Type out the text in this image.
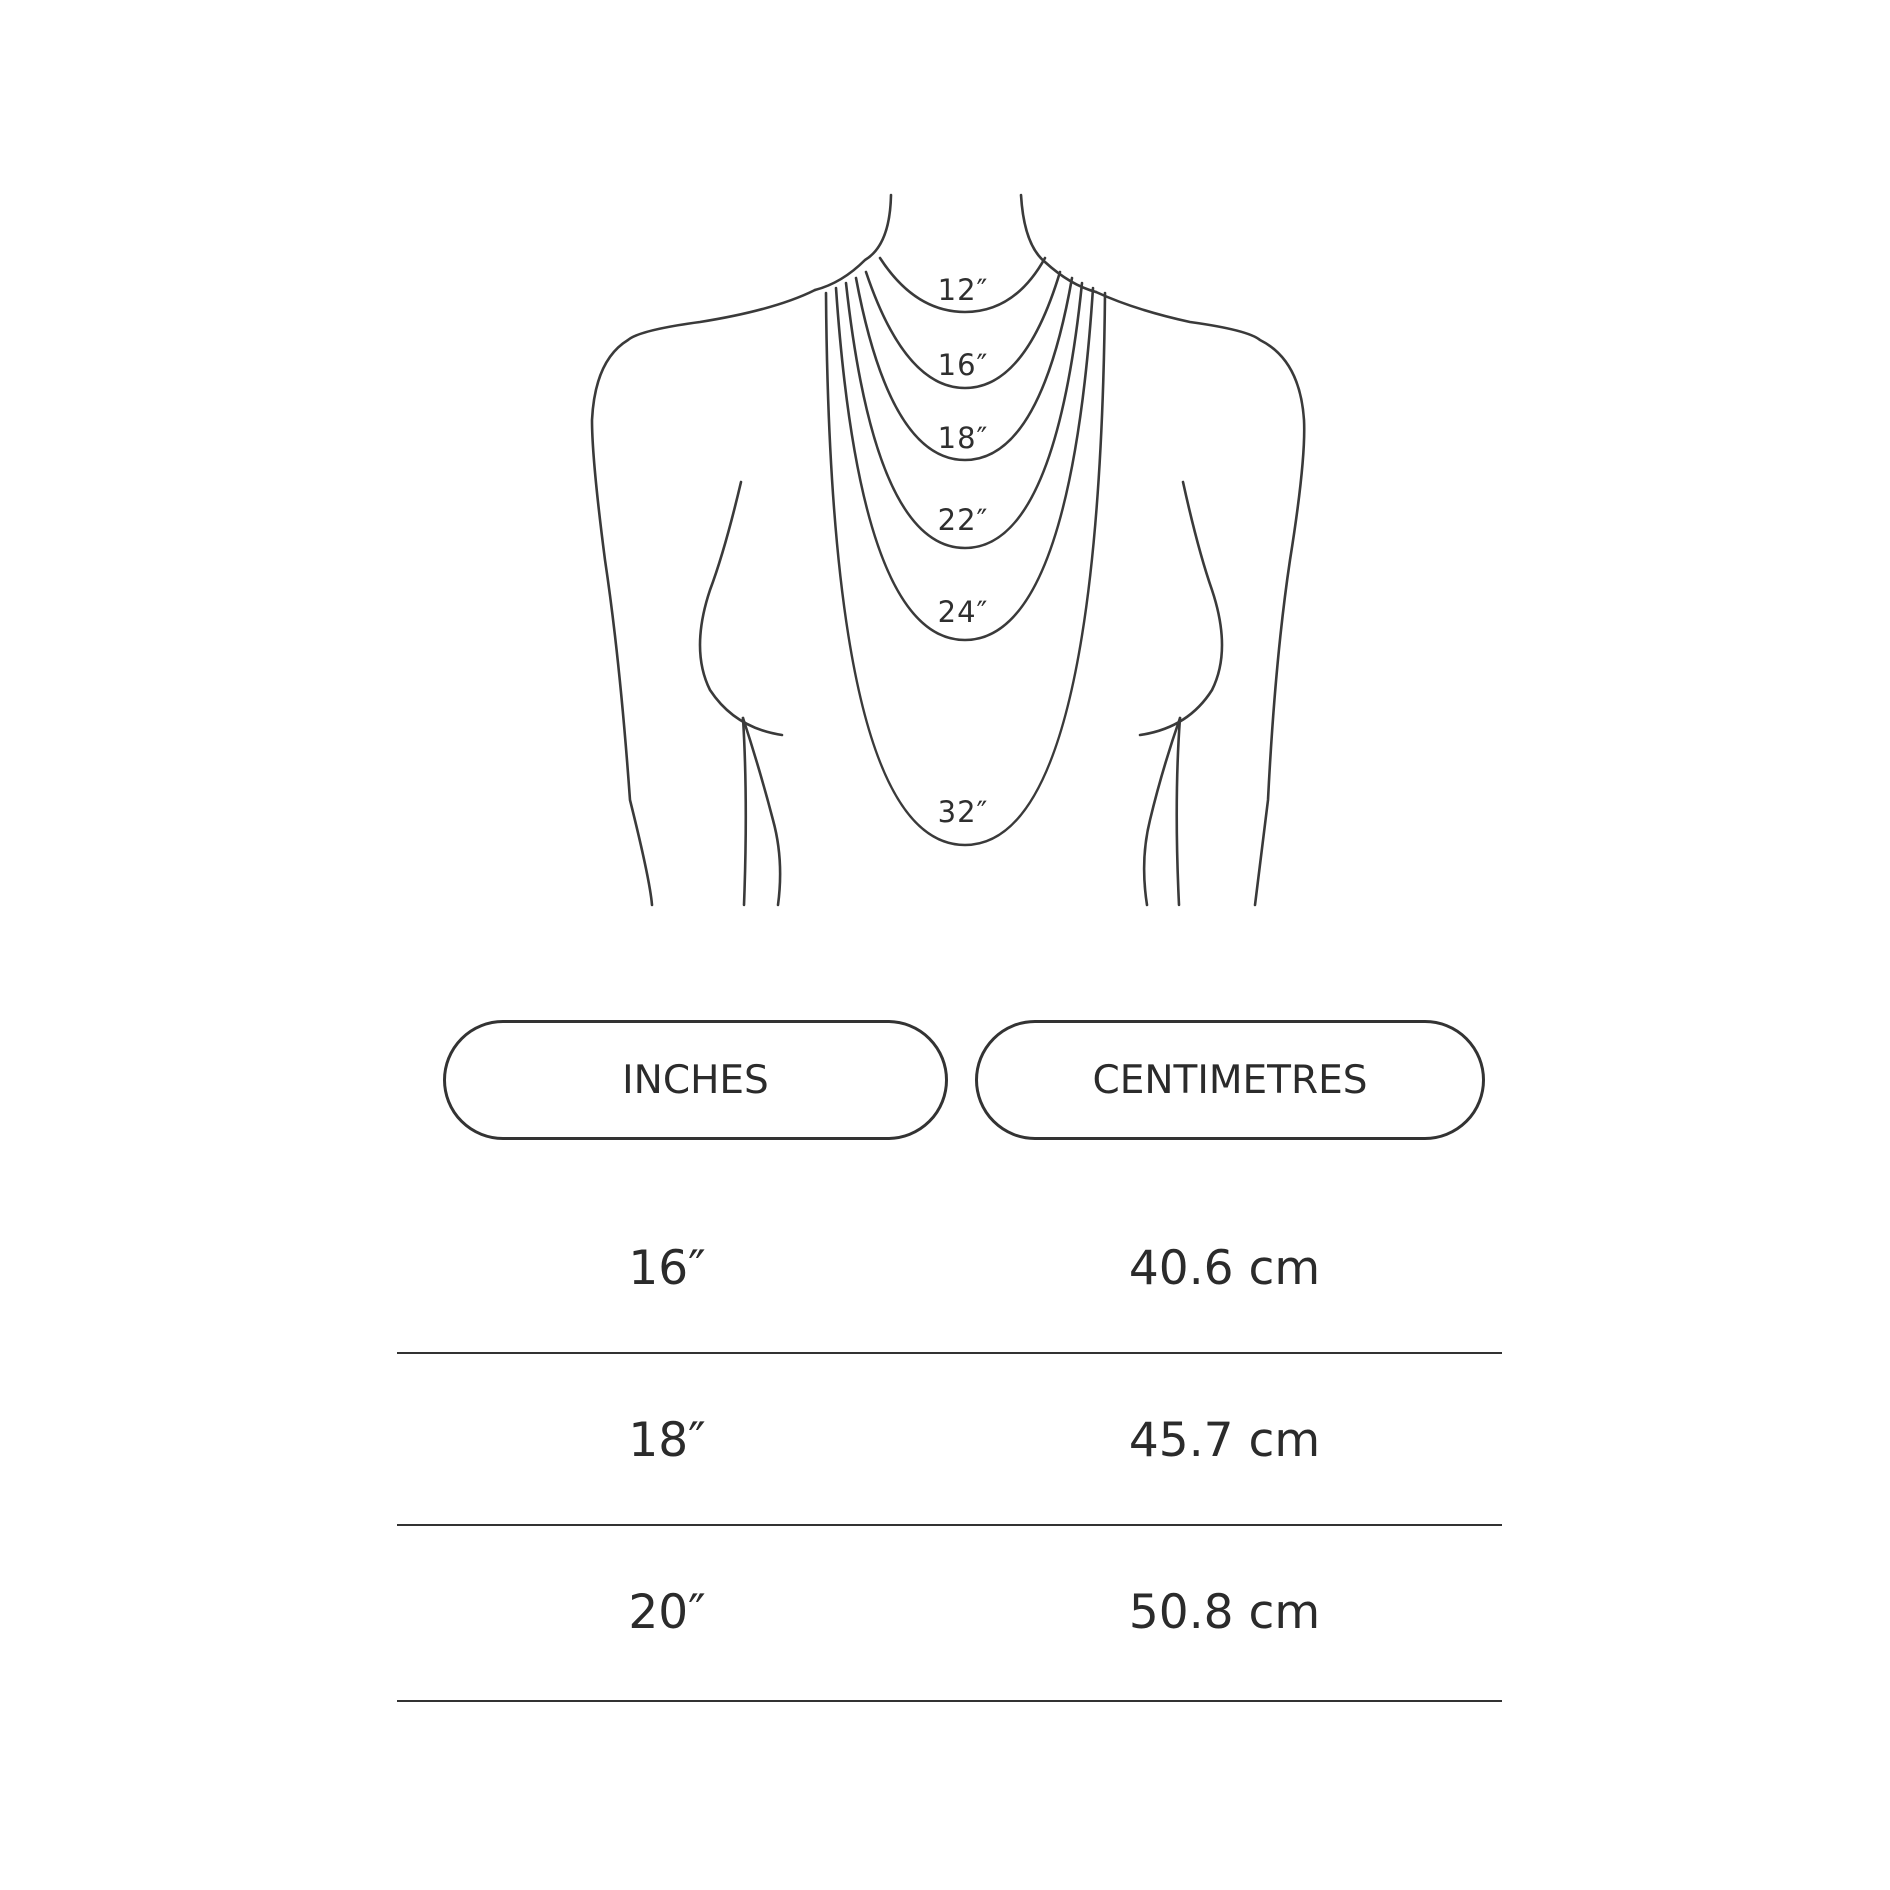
12″
16″
18″
22″
24″
32″
INCHES	CENTIMETRES
16″	40.6 cm
18″	45.7 cm
20″	50.8 cm
